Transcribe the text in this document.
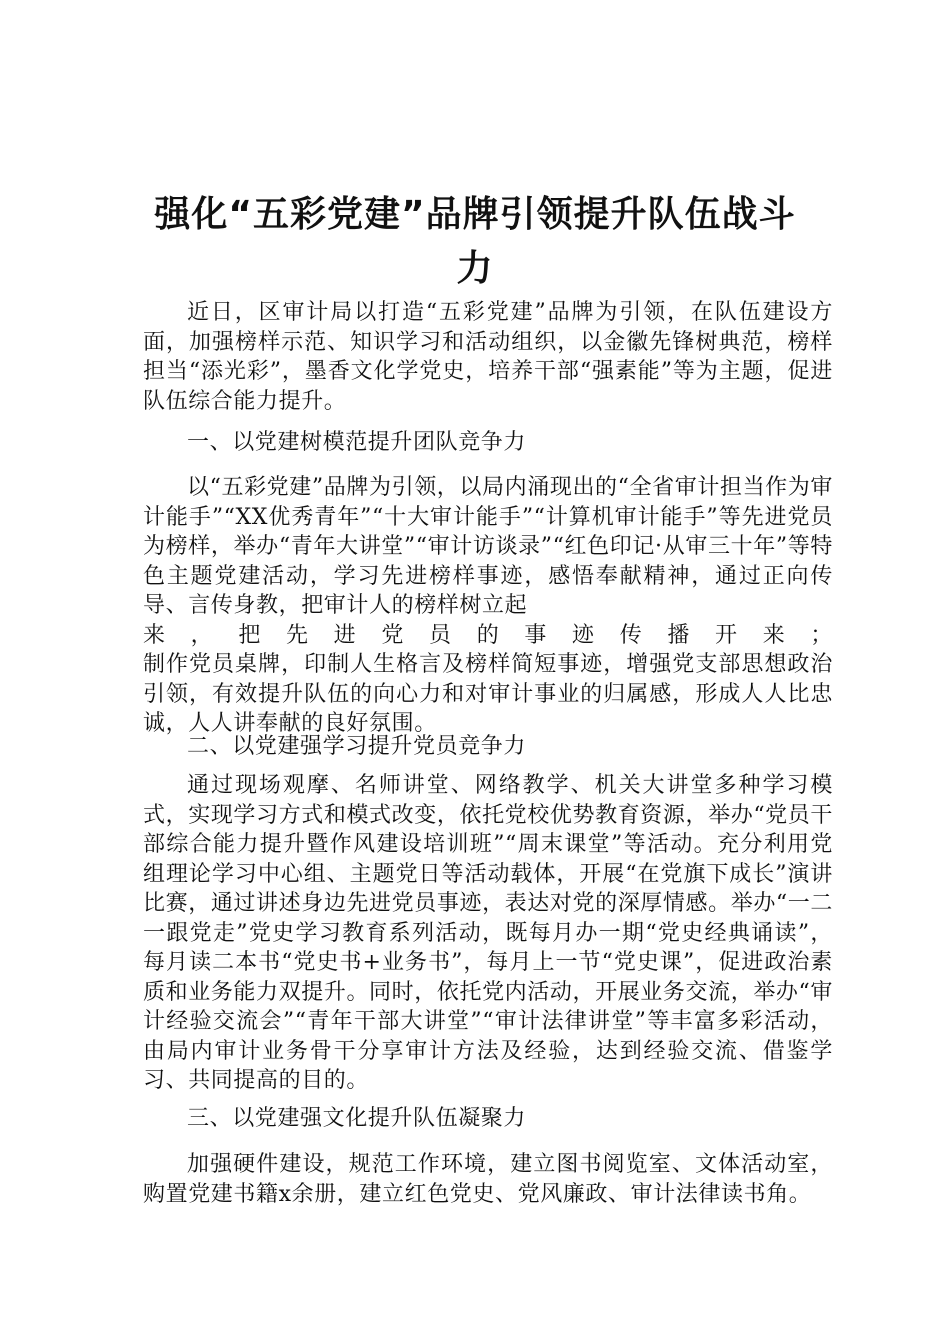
强化“五彩党建”品牌引领提升队伍战斗力
近日，区审计局以打造“五彩党建”品牌为引领，在队伍建设方面，加强榜样示范、知识学习和活动组织，以金徽先锋树典范，榜样担当“添光彩”，墨香文化学党史，培养干部“强素能”等为主题，促进队伍综合能力提升。
一、以党建树模范提升团队竞争力
以“五彩党建”品牌为引领，以局内涌现出的“全省审计担当作为审计能手”“XX优秀青年”“十大审计能手”“计算机审计能手”等先进党员为榜样，举办“青年大讲堂”“审计访谈录”“红色印记·从审三十年”等特色主题党建活动，学习先进榜样事迹，感悟奉献精神，通过正向传导、言传身教，把审计人的榜样树立起
来，把先进党员的事迹传播开来；
制作党员桌牌，印制人生格言及榜样简短事迹，增强党支部思想政治引领，有效提升队伍的向心力和对审计事业的归属感，形成人人比忠诚，人人讲奉献的良好氛围。
二、以党建强学习提升党员竞争力
通过现场观摩、名师讲堂、网络教学、机关大讲堂多种学习模式，实现学习方式和模式改变，依托党校优势教育资源，举办“党员干部综合能力提升暨作风建设培训班”“周末课堂”等活动。充分利用党组理论学习中心组、主题党日等活动载体，开展“在党旗下成长”演讲比赛，通过讲述身边先进党员事迹，表达对党的深厚情感。举办“一二一跟党走”党史学习教育系列活动，既每月办一期“党史经典诵读”，每月读二本书“党史书+业务书”，每月上一节“党史课”，促进政治素质和业务能力双提升。同时，依托党内活动，开展业务交流，举办“审计经验交流会”“青年干部大讲堂”“审计法律讲堂”等丰富多彩活动，由局内审计业务骨干分享审计方法及经验，达到经验交流、借鉴学习、共同提高的目的。
三、以党建强文化提升队伍凝聚力
加强硬件建设，规范工作环境，建立图书阅览室、文体活动室，购置党建书籍x余册，建立红色党史、党风廉政、审计法律读书角。
